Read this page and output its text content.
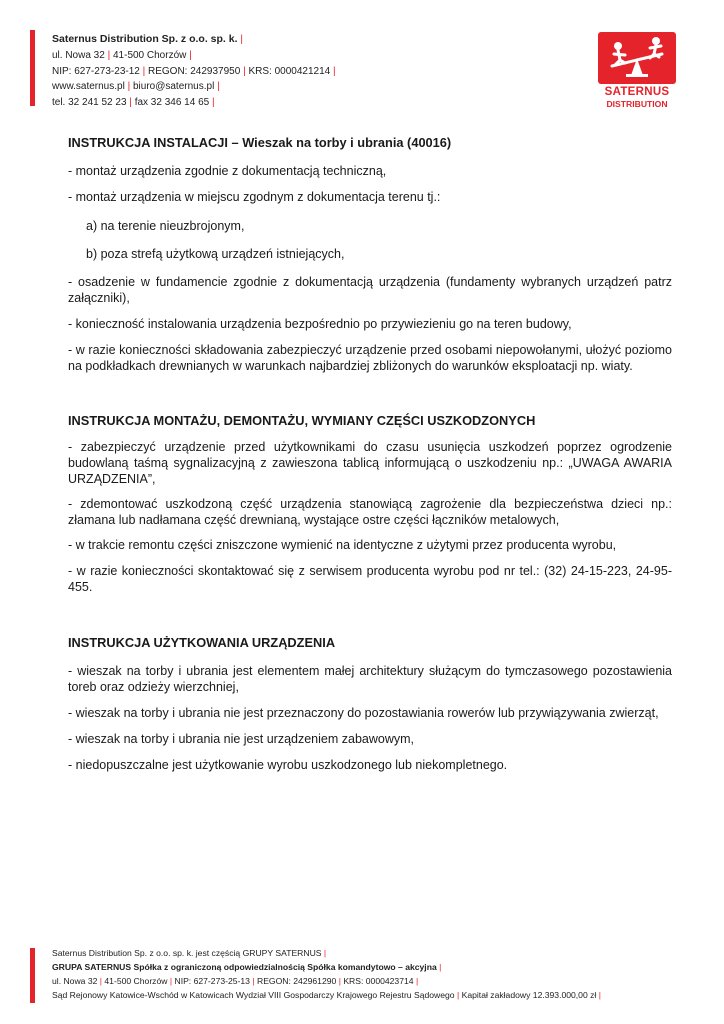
Saternus Distribution Sp. z o.o. sp. k. |
ul. Nowa 32 | 41-500 Chorzów |
NIP: 627-273-23-12 | REGON: 242937950 | KRS: 0000421214 |
www.saternus.pl | biuro@saternus.pl |
tel. 32 241 52 23 | fax 32 346 14 65 |
SATERNUS
DISTRIBUTION
INSTRUKCJA INSTALACJI – Wieszak na torby i ubrania (40016)

- montaż urządzenia zgodnie z dokumentacją techniczną,

- montaż urządzenia w miejscu zgodnym z dokumentacja terenu tj.:

a) na terenie nieuzbrojonym,

b) poza strefą użytkową urządzeń istniejących,

- osadzenie w fundamencie zgodnie z dokumentacją urządzenia (fundamenty wybranych urządzeń patrz załączniki),

- konieczność instalowania urządzenia bezpośrednio po przywiezieniu go na teren budowy,

- w razie konieczności składowania zabezpieczyć urządzenie przed osobami niepowołanymi, ułożyć poziomo na podkładkach drewnianych w warunkach najbardziej zbliżonych do warunków eksploatacji np. wiaty.

INSTRUKCJA MONTAŻU, DEMONTAŻU, WYMIANY CZĘŚCI USZKODZONYCH

- zabezpieczyć urządzenie przed użytkownikami do czasu usunięcia uszkodzeń poprzez ogrodzenie budowlaną taśmą sygnalizacyjną z zawieszona tablicą informującą o uszkodzeniu np.: „UWAGA AWARIA URZĄDZENIA”,

- zdemontować uszkodzoną część urządzenia stanowiącą zagrożenie dla bezpieczeństwa dzieci np.: złamana lub nadłamana część drewnianą, wystające ostre części łączników metalowych,

- w trakcie remontu części zniszczone wymienić na identyczne z użytymi przez producenta wyrobu,

- w razie konieczności skontaktować się z serwisem producenta wyrobu pod nr tel.: (32) 24-15-223, 24-95-455.

INSTRUKCJA UŻYTKOWANIA URZĄDZENIA

- wieszak na torby i ubrania jest elementem małej architektury służącym do tymczasowego pozostawienia toreb oraz odzieży wierzchniej,

- wieszak na torby i ubrania nie jest przeznaczony do pozostawiania rowerów lub przywiązywania zwierząt,

- wieszak na torby i ubrania nie jest urządzeniem zabawowym,

- niedopuszczalne jest użytkowanie wyrobu uszkodzonego lub niekompletnego.

Saternus Distribution Sp. z o.o. sp. k. jest częścią GRUPY SATERNUS |
GRUPA SATERNUS Spółka z ograniczoną odpowiedzialnością Spółka komandytowo – akcyjna |
ul. Nowa 32 | 41-500 Chorzów | NIP: 627-273-25-13 | REGON: 242961290 | KRS: 0000423714 |
Sąd Rejonowy Katowice-Wschód w Katowicach Wydział VIII Gospodarczy Krajowego Rejestru Sądowego | Kapitał zakładowy 12.393.000,00 zł |
